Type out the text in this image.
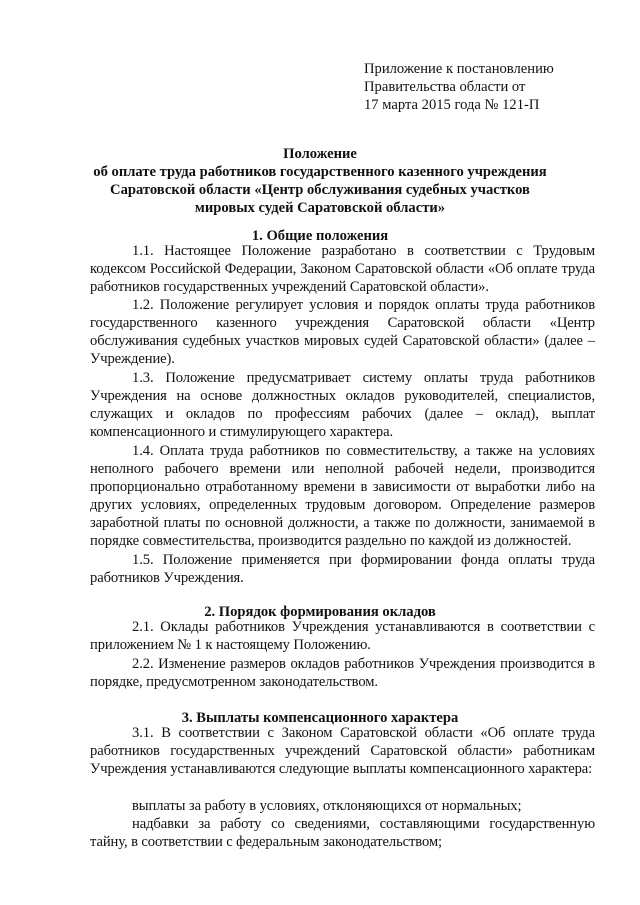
Приложение к постановлению
Правительства области от
17 марта 2015 года № 121-П
Положение
об оплате труда работников государственного казенного учреждения
Саратовской области «Центр обслуживания судебных участков
мировых судей Саратовской области»
1. Общие положения
1.1. Настоящее Положение разработано в соответствии с Трудовым кодексом Российской Федерации, Законом Саратовской области «Об оплате труда работников государственных учреждений Саратовской области».
1.2. Положение регулирует условия и порядок оплаты труда работников государственного казенного учреждения Саратовской области «Центр обслуживания судебных участков мировых судей Саратовской области» (далее – Учреждение).
1.3. Положение предусматривает систему оплаты труда работников Учреждения на основе должностных окладов руководителей, специалистов, служащих и окладов по профессиям рабочих (далее – оклад), выплат компенсационного и стимулирующего характера.
1.4. Оплата труда работников по совместительству, а также на условиях неполного рабочего времени или неполной рабочей недели, производится пропорционально отработанному времени в зависимости от выработки либо на других условиях, определенных трудовым договором. Определение размеров заработной платы по основной должности, а также по должности, занимаемой в порядке совместительства, производится раздельно по каждой из должностей.
1.5. Положение применяется при формировании фонда оплаты труда работников Учреждения.
2. Порядок формирования окладов
2.1. Оклады работников Учреждения устанавливаются в соответствии с приложением № 1 к настоящему Положению.
2.2. Изменение размеров окладов работников Учреждения производится в порядке, предусмотренном законодательством.
3. Выплаты компенсационного характера
3.1. В соответствии с Законом Саратовской области «Об оплате труда работников государственных учреждений Саратовской области» работникам Учреждения устанавливаются следующие выплаты компенсационного характера:
выплаты за работу в условиях, отклоняющихся от нормальных;
надбавки за работу со сведениями, составляющими государственную тайну, в соответствии с федеральным законодательством;
